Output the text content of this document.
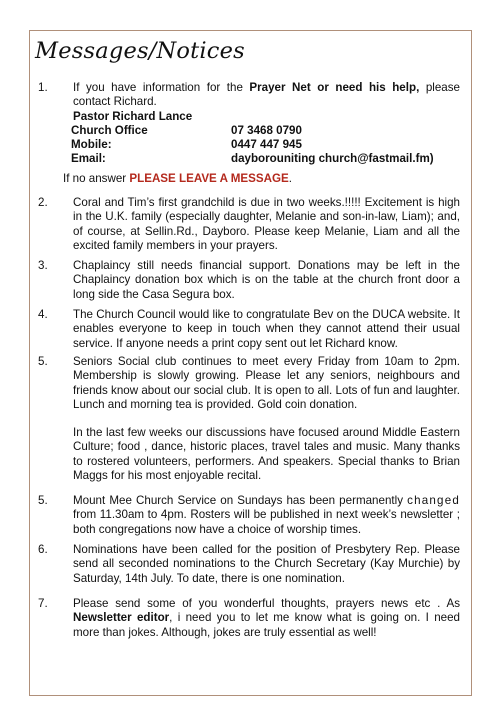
Messages/Notices
1. If you have information for the Prayer Net or need his help, please contact Richard.

Pastor Richard Lance
Church Office	07 3468 0790
Mobile:	0447 447 945
Email:	dayborouniting church@fastmail.fm)
If no answer PLEASE LEAVE A MESSAGE.
2. Coral and Tim’s first grandchild is due in two weeks.!!!!! Excitement is high in the U.K. family (especially daughter, Melanie and son-in-law, Liam); and, of course, at Sellin.Rd., Dayboro. Please keep Melanie, Liam and all the excited family members in your prayers.

3. Chaplaincy still needs financial support. Donations may be left in the Chaplaincy donation box which is on the table at the church front door a long side the Casa Segura box.

4. The Church Council would like to congratulate Bev on the DUCA website. It enables everyone to keep in touch when they cannot attend their usual service. If anyone needs a print copy sent out let Richard know.

5. Seniors Social club continues to meet every Friday from 10am to 2pm. Membership is slowly growing. Please let any seniors, neighbours and friends know about our social club. It is open to all. Lots of fun and laughter. Lunch and morning tea is provided. Gold coin donation.

In the last few weeks our discussions have focused around Middle Eastern Culture; food , dance, historic places, travel tales and music. Many thanks to rostered volunteers, performers. And speakers. Special thanks to Brian Maggs for his most enjoyable recital.

5. Mount Mee Church Service on Sundays has been permanently changed from 11.30am to 4pm. Rosters will be published in next week’s newsletter ; both congregations now have a choice of worship times.

6. Nominations have been called for the position of Presbytery Rep. Please send all seconded nominations to the Church Secretary (Kay Murchie) by Saturday, 14th July. To date, there is one nomination.

7. Please send some of you wonderful thoughts, prayers news etc . As Newsletter editor, i need you to let me know what is going on. I need more than jokes. Although, jokes are truly essential as well!
